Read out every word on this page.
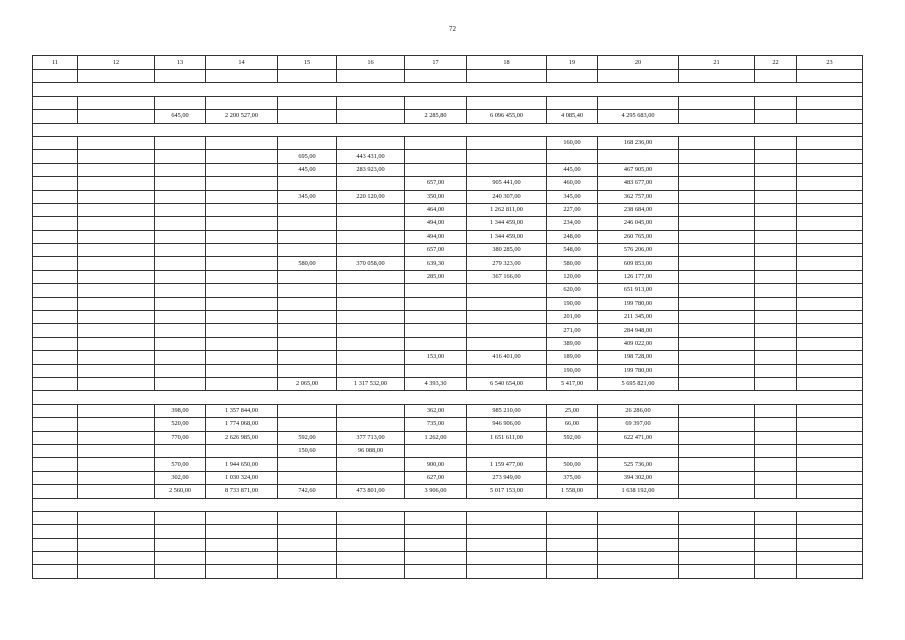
72
11	12	13	14	15	16	17	18	19	20	21	22	23

		645,00	2 200 527,00			2 285,80	6 096 455,00	4 085,40	4 295 683,00			

								160,00	168 236,00			
				695,00	443 431,00							
				445,00	283 923,00			445,00	467 905,00			
						657,00	905 441,00	460,00	483 677,00			
				345,00	220 120,00	350,00	240 307,00	345,00	362 757,00			
						464,00	1 262 811,00	227,00	238 684,00			
						494,00	1 344 459,00	234,00	246 045,00			
						494,00	1 344 459,00	248,00	260 765,00			
						657,00	380 285,00	548,00	576 206,00			
				580,00	370 058,00	639,30	279 323,00	580,00	609 853,00			
						285,00	367 166,00	120,00	126 177,00			
								620,00	651 913,00			
								190,00	199 780,00			
								201,00	211 345,00			
								271,00	284 948,00			
								389,00	409 022,00			
						153,00	416 401,00	189,00	198 728,00			
								190,00	199 780,00			
				2 065,00	1 317 532,00	4 393,30	6 540 654,00	5 417,00	5 695 821,00			

		398,00	1 357 844,00			362,00	985 210,00	25,00	26 286,00			
		520,00	1 774 068,00			735,00	946 906,00	66,00	69 397,00			
		770,00	2 626 985,00	592,00	377 713,00	1 262,00	1 651 611,00	592,00	622 471,00			
				150,60	96 088,00							
		570,00	1 944 650,00			900,00	1 159 477,00	500,00	525 736,00			
		302,00	1 030 324,00			627,00	273 949,00	375,00	394 302,00			
		2 560,00	8 733 871,00	742,60	473 801,00	3 906,00	5 017 153,00	1 558,00	1 638 192,00			
